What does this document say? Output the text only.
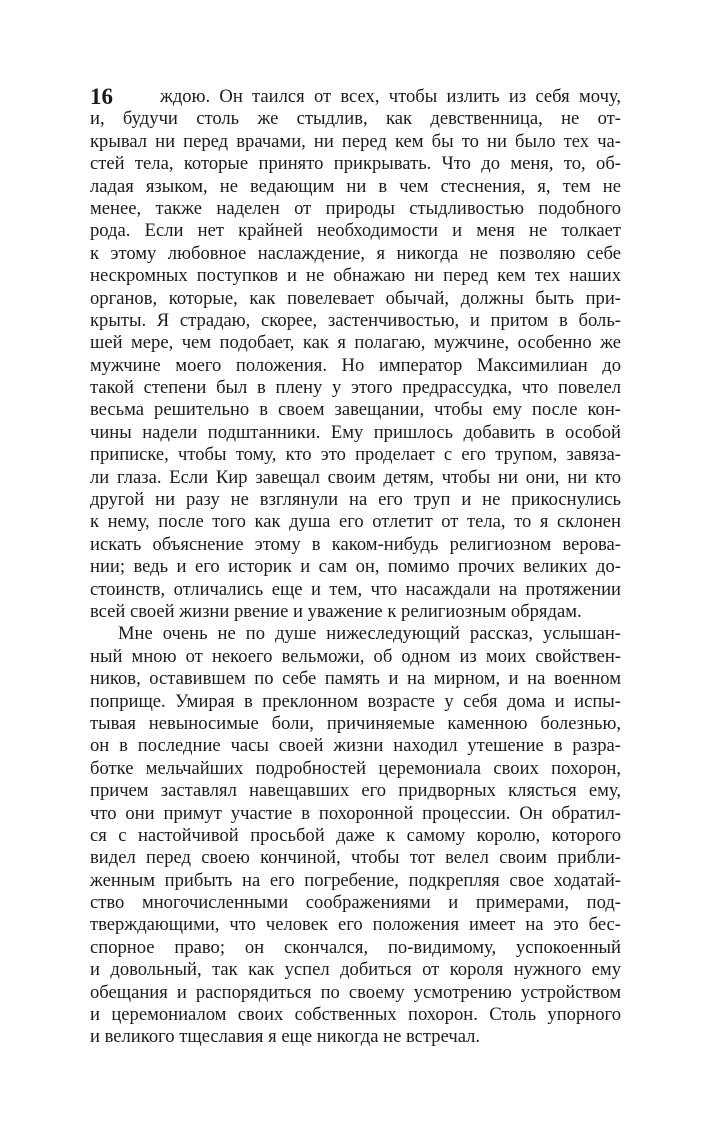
16	ждою. Он таился от всех, чтобы излить из себя мочу,
и, будучи столь же стыдлив, как девственница, не от-
крывал ни перед врачами, ни перед кем бы то ни было тех ча-
стей тела, которые принято прикрывать. Что до меня, то, об-
ладая языком, не ведающим ни в чем стеснения, я, тем не
менее, также наделен от природы стыдливостью подобного
рода. Если нет крайней необходимости и меня не толкает
к этому любовное наслаждение, я никогда не позволяю себе
нескромных поступков и не обнажаю ни перед кем тех наших
органов, которые, как повелевает обычай, должны быть при-
крыты. Я страдаю, скорее, застенчивостью, и притом в боль-
шей мере, чем подобает, как я полагаю, мужчине, особенно же
мужчине моего положения. Но император Максимилиан до
такой степени был в плену у этого предрассудка, что повелел
весьма решительно в своем завещании, чтобы ему после кон-
чины надели подштанники. Ему пришлось добавить в особой
приписке, чтобы тому, кто это проделает с его трупом, завяза-
ли глаза. Если Кир завещал своим детям, чтобы ни они, ни кто
другой ни разу не взглянули на его труп и не прикоснулись
к нему, после того как душа его отлетит от тела, то я склонен
искать объяснение этому в каком-нибудь религиозном верова-
нии; ведь и его историк и сам он, помимо прочих великих до-
стоинств, отличались еще и тем, что насаждали на протяжении
всей своей жизни рвение и уважение к религиозным обрядам.
Мне очень не по душе нижеследующий рассказ, услышан-
ный мною от некоего вельможи, об одном из моих свойствен-
ников, оставившем по себе память и на мирном, и на военном
поприще. Умирая в преклонном возрасте у себя дома и испы-
тывая невыносимые боли, причиняемые каменною болезнью,
он в последние часы своей жизни находил утешение в разра-
ботке мельчайших подробностей церемониала своих похорон,
причем заставлял навещавших его придворных клясться ему,
что они примут участие в похоронной процессии. Он обратил-
ся с настойчивой просьбой даже к самому королю, которого
видел перед своею кончиной, чтобы тот велел своим прибли-
женным прибыть на его погребение, подкрепляя свое ходатай-
ство многочисленными соображениями и примерами, под-
тверждающими, что человек его положения имеет на это бес-
спорное право; он скончался, по-видимому, успокоенный
и довольный, так как успел добиться от короля нужного ему
обещания и распорядиться по своему усмотрению устройством
и церемониалом своих собственных похорон. Столь упорного
и великого тщеславия я еще никогда не встречал.
